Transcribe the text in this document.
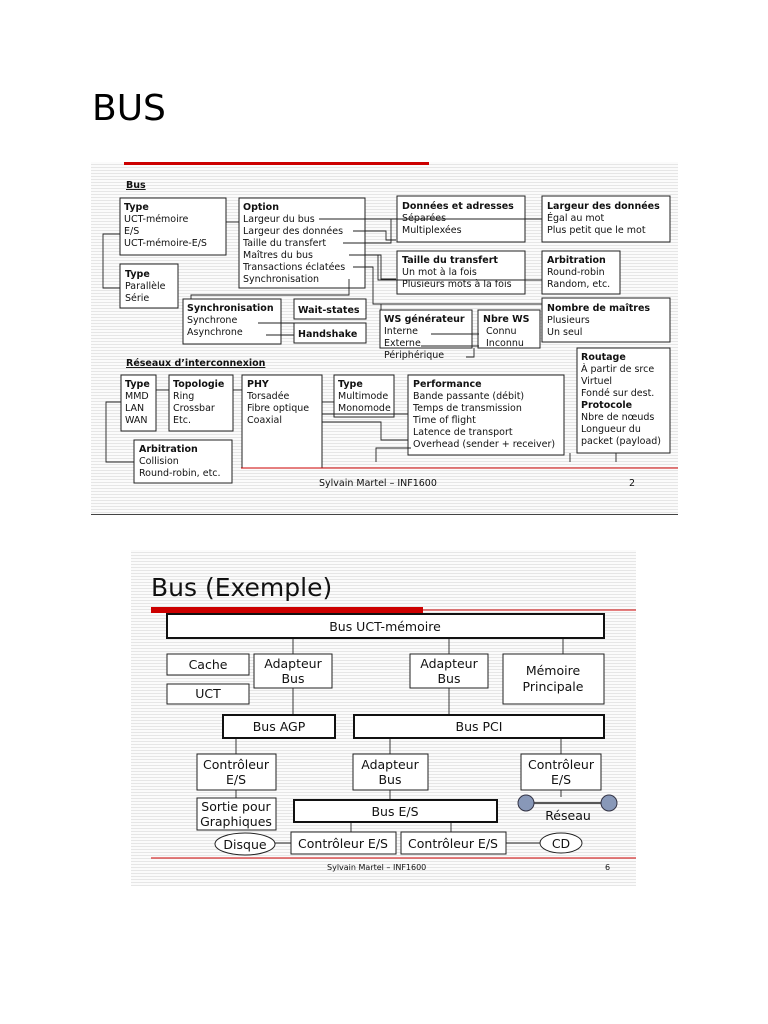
BUS
Bus
Type
UCT-mémoire
E/S
UCT-mémoire-E/S
Type
Parallèle
Série
Option
Largeur du bus
Largeur des données
Taille du transfert
Maîtres du bus
Transactions éclatées
Synchronisation
Données et adresses
Séparées
Multiplexées
Largeur des données
Égal au mot
Plus petit que le mot
Taille du transfert
Un mot à la fois
Plusieurs mots à la fois
Arbitration
Round-robin
Random, etc.
Synchronisation
Synchrone
Asynchrone
Wait-states
Handshake
WS générateur
Interne
Externe
Périphérique
Nbre WS
Connu
Inconnu
Nombre de maîtres
Plusieurs
Un seul
Réseaux d’interconnexion
Type
MMD
LAN
WAN
Topologie
Ring
Crossbar
Etc.
PHY
Torsadée
Fibre optique
Coaxial
Type
Multimode
Monomode
Performance
Bande passante (débit)
Temps de transmission
Time of flight
Latence de transport
Overhead (sender + receiver)
Routage
À partir de srce
Virtuel
Fondé sur dest.
Protocole
Nbre de nœuds
Longueur du
packet (payload)
Arbitration
Collision
Round-robin, etc.
Sylvain Martel – INF1600	2
Bus (Exemple)
Bus UCT-mémoire
Cache
UCT
Adapteur
Bus
Adapteur
Bus
Mémoire
Principale
Bus AGP	Bus PCI
Contrôleur
E/S
Adapteur
Bus
Contrôleur
E/S
Sortie pour
Graphiques
Bus E/S	Réseau
Disque	Contrôleur E/S Contrôleur E/S	CD
Sylvain Martel – INF1600	6
